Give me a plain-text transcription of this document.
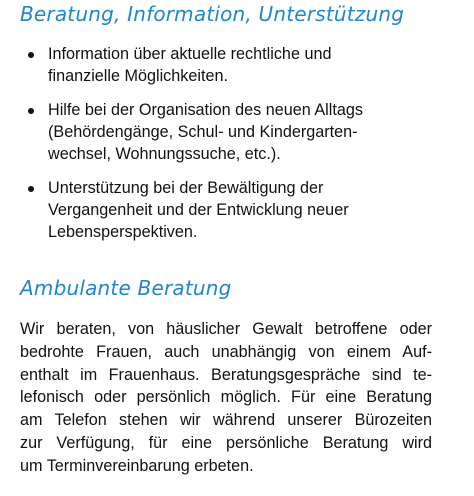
Beratung, Information, Unterstützung
Information über aktuelle rechtliche und
finanzielle Möglichkeiten.
Hilfe bei der Organisation des neuen Alltags
(Behördengänge, Schul- und Kindergarten-
wechsel, Wohnungssuche, etc.).
Unterstützung bei der Bewältigung der
Vergangenheit und der Entwicklung neuer
Lebensperspektiven.
Ambulante Beratung
Wir beraten, von häuslicher Gewalt betroffene oder
bedrohte Frauen, auch unabhängig von einem Auf-
enthalt im Frauenhaus. Beratungsgespräche sind te-
lefonisch oder persönlich möglich. Für eine Beratung
am Telefon stehen wir während unserer Bürozeiten
zur Verfügung, für eine persönliche Beratung wird
um Terminvereinbarung erbeten.
